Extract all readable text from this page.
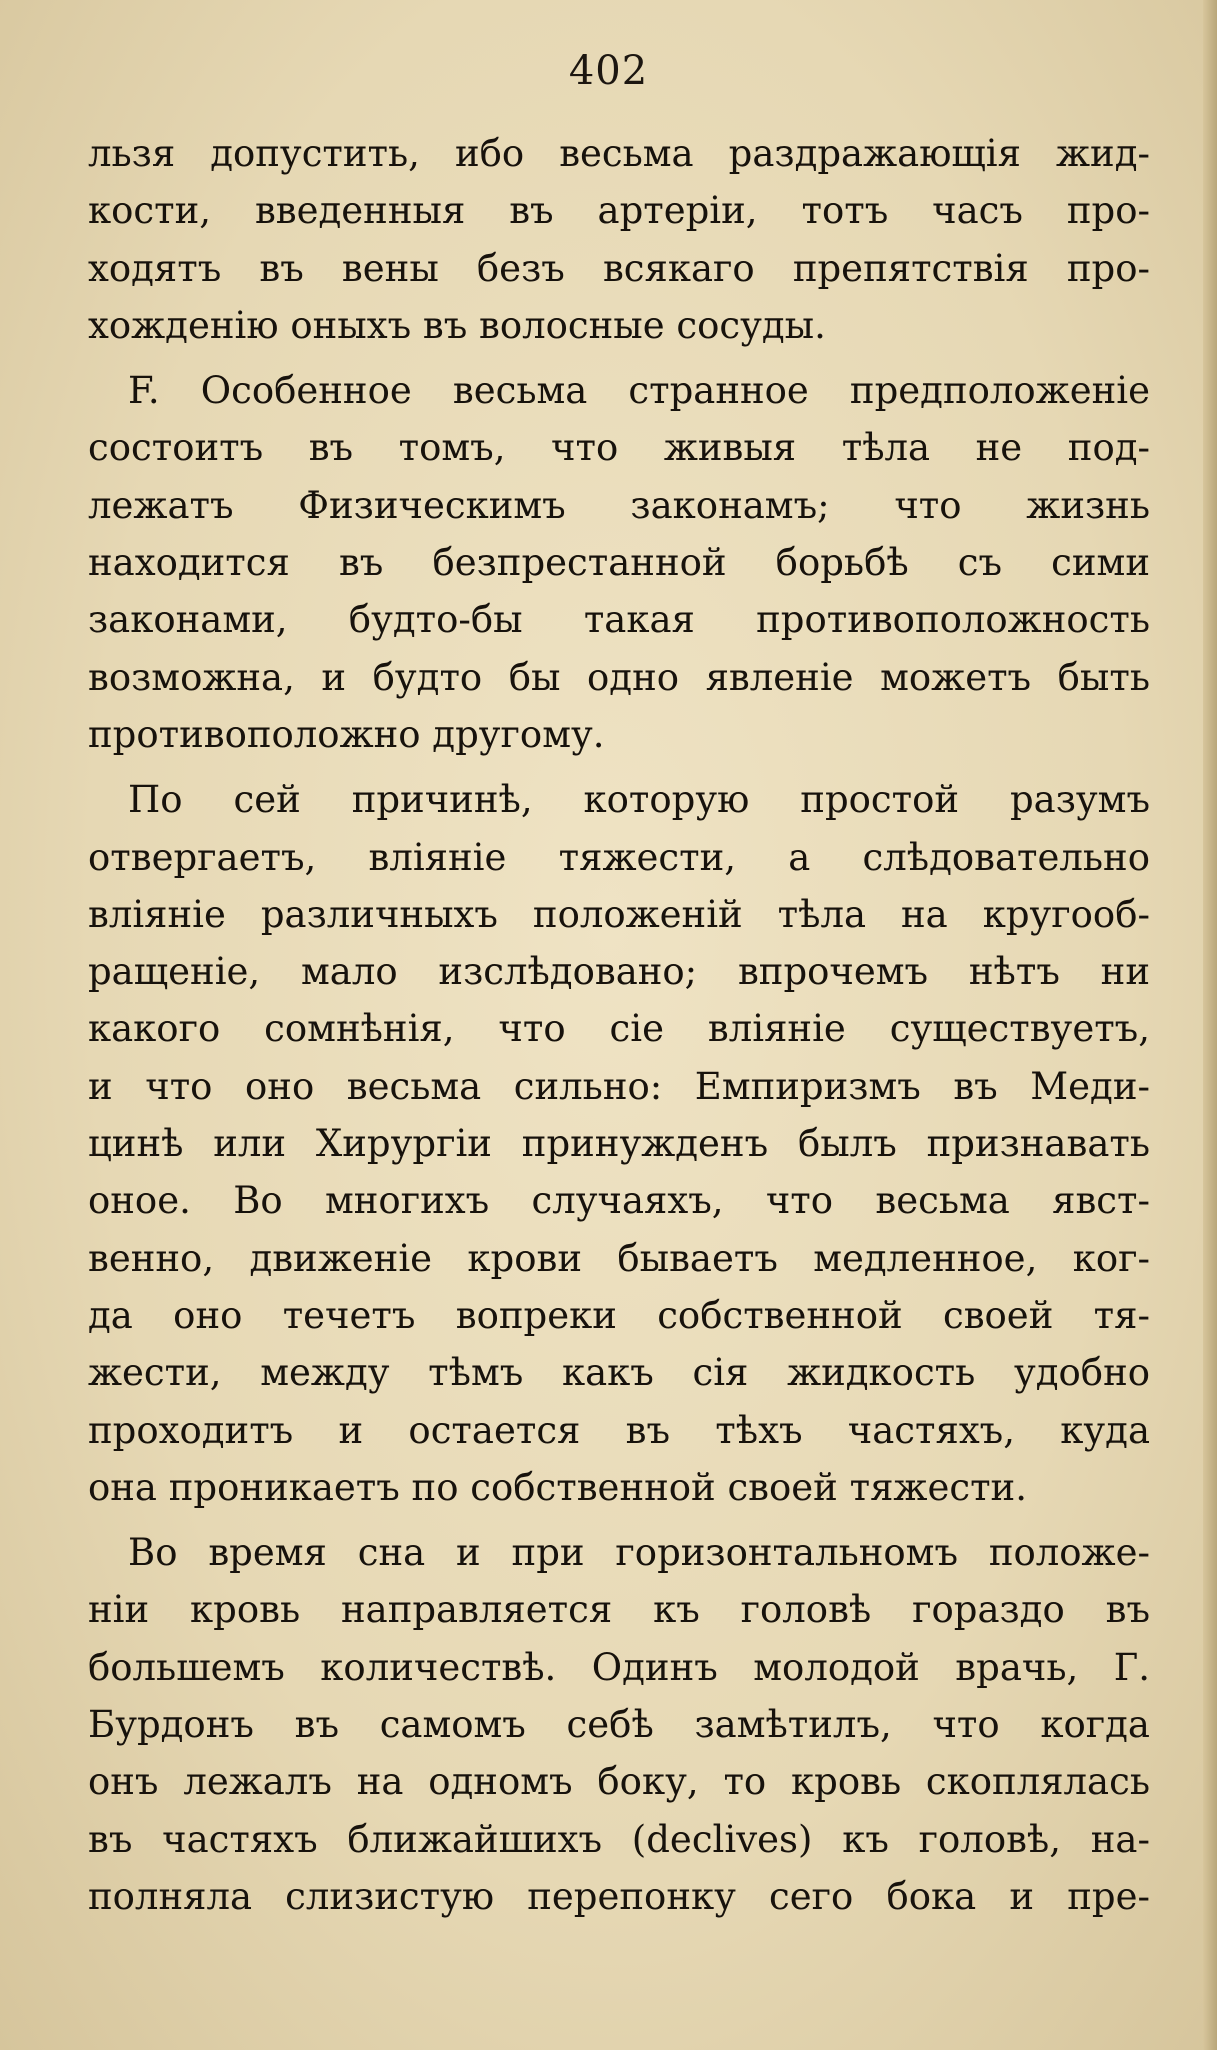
402
льзя допустить, ибо весьма раздражающія жид-
кости, введенныя въ артеріи, тотъ часъ про-
ходятъ въ вены безъ всякаго препятствія про-
хожденію оныхъ въ волосные сосуды.
F. Особенное весьма странное предположеніе
состоитъ въ томъ, что живыя тѣла не под-
лежатъ Физическимъ законамъ; что жизнь
находится въ безпрестанной борьбѣ съ сими
законами, будто-бы такая противоположность
возможна, и будто бы одно явленіе можетъ быть
противоположно другому.
По сей причинѣ, которую простой разумъ
отвергаетъ, вліяніе тяжести, а слѣдовательно
вліяніе различныхъ положеній тѣла на кругооб-
ращеніе, мало изслѣдовано; впрочемъ нѣтъ ни
какого сомнѣнія, что сіе вліяніе существуетъ,
и что оно весьма сильно: Емпиризмъ въ Меди-
цинѣ или Хирургіи принужденъ былъ признавать
оное. Во многихъ случаяхъ, что весьма явст-
венно, движеніе крови бываетъ медленное, ког-
да оно течетъ вопреки собственной своей тя-
жести, между тѣмъ какъ сія жидкость удобно
проходитъ и остается въ тѣхъ частяхъ, куда
она проникаетъ по собственной своей тяжести.
Во время сна и при горизонтальномъ положе-
ніи кровь направляется къ головѣ гораздо въ
большемъ количествѣ. Одинъ молодой врачь, Г.
Бурдонъ въ самомъ себѣ замѣтилъ, что когда
онъ лежалъ на одномъ боку, то кровь скоплялась
въ частяхъ ближайшихъ (declives) къ головѣ, на-
полняла слизистую перепонку сего бока и пре-
